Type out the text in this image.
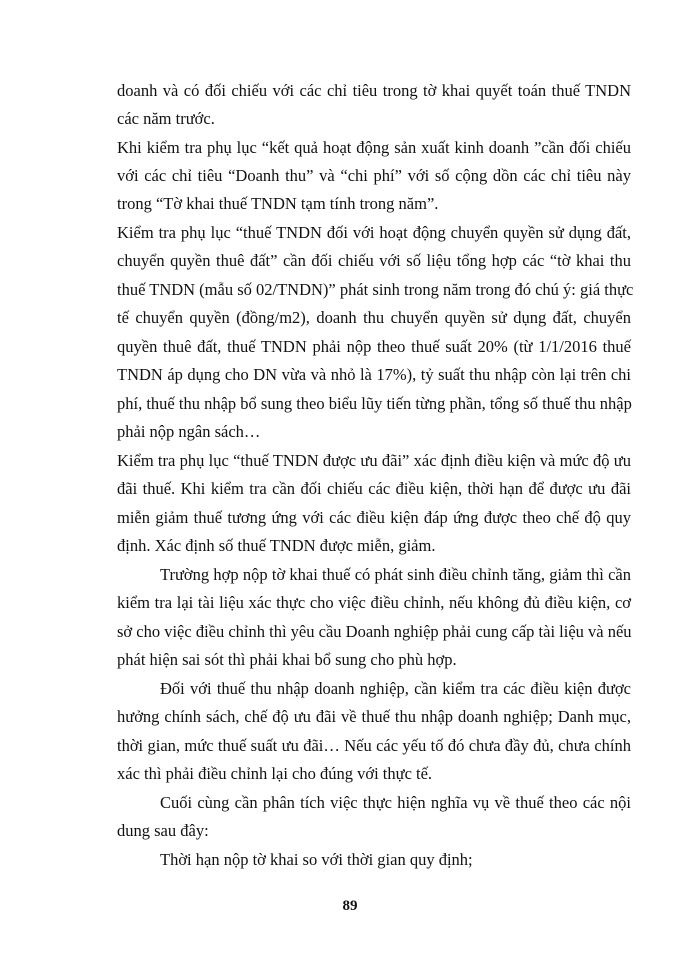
doanh và có đối chiếu với các chỉ tiêu trong tờ khai quyết toán thuế TNDN
các năm trước.
Khi kiểm tra phụ lục “kết quả hoạt động sản xuất kinh doanh ”cần đối chiếu
với các chỉ tiêu “Doanh thu” và “chi phí” với số cộng dồn các chỉ tiêu này
trong “Tờ khai thuế TNDN tạm tính trong năm”.
Kiểm tra phụ lục “thuế TNDN đối với hoạt động chuyển quyền sử dụng đất,
chuyển quyền thuê đất” cần đối chiếu với số liệu tổng hợp các “tờ khai thu
thuế TNDN (mẫu số 02/TNDN)” phát sinh trong năm trong đó chú ý: giá thực
tế chuyển quyền (đồng/m2), doanh thu chuyển quyền sử dụng đất, chuyển
quyền thuê đất, thuế TNDN phải nộp theo thuế suất 20% (từ 1/1/2016 thuế
TNDN áp dụng cho DN vừa và nhỏ là 17%), tỷ suất thu nhập còn lại trên chi
phí, thuế thu nhập bổ sung theo biểu lũy tiến từng phần, tổng số thuế thu nhập
phải nộp ngân sách…
Kiểm tra phụ lục “thuế TNDN được ưu đãi” xác định điều kiện và mức độ ưu
đãi thuế. Khi kiểm tra cần đối chiếu các điều kiện, thời hạn để được ưu đãi
miễn giảm thuế tương ứng với các điều kiện đáp ứng được theo chế độ quy
định. Xác định số thuế TNDN được miễn, giảm.
Trường hợp nộp tờ khai thuế có phát sinh điều chỉnh tăng, giảm thì cần
kiểm tra lại tài liệu xác thực cho việc điều chỉnh, nếu không đủ điều kiện, cơ
sở cho việc điều chỉnh thì yêu cầu Doanh nghiệp phải cung cấp tài liệu và nếu
phát hiện sai sót thì phải khai bổ sung cho phù hợp.
Đối với thuế thu nhập doanh nghiệp, cần kiểm tra các điều kiện được
hưởng chính sách, chế độ ưu đãi về thuế thu nhập doanh nghiệp; Danh mục,
thời gian, mức thuế suất ưu đãi… Nếu các yếu tố đó chưa đầy đủ, chưa chính
xác thì phải điều chỉnh lại cho đúng với thực tế.
Cuối cùng cần phân tích việc thực hiện nghĩa vụ về thuế theo các nội
dung sau đây:
Thời hạn nộp tờ khai so với thời gian quy định;
89
